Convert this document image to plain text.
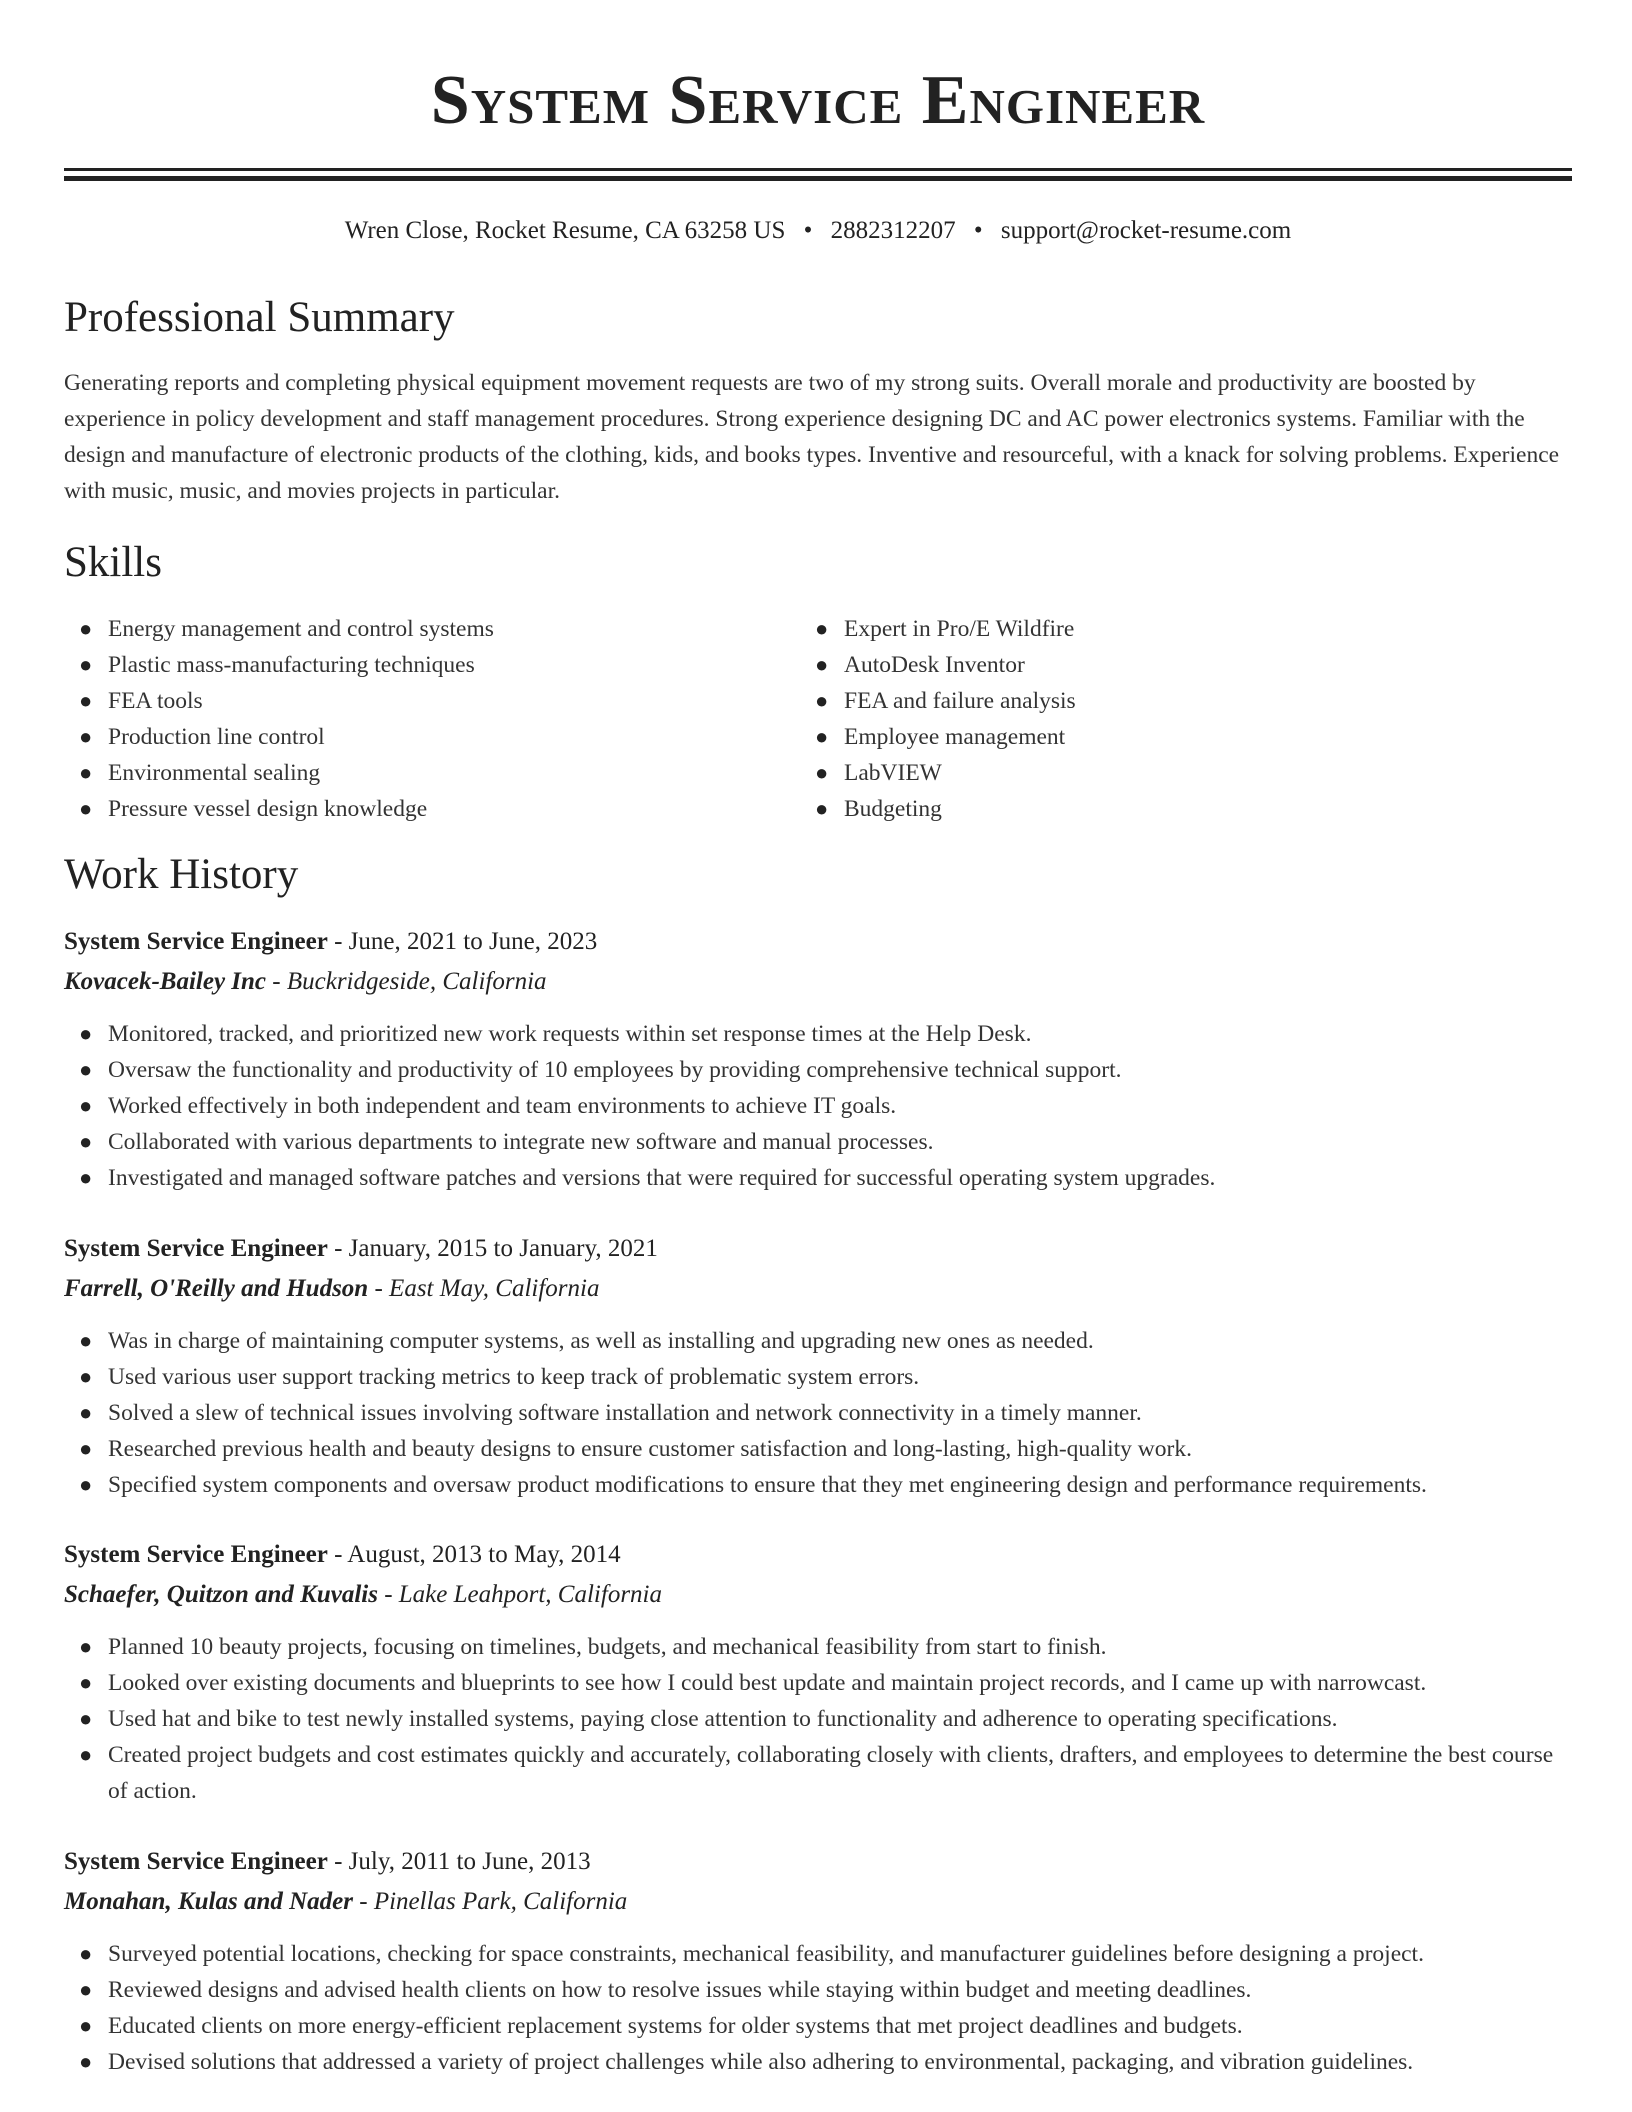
System Service Engineer
Wren Close, Rocket Resume, CA 63258 US • 2882312207 • support@rocket-resume.com
Professional Summary

Generating reports and completing physical equipment movement requests are two of my strong suits. Overall morale and productivity are boosted by experience in policy development and staff management procedures. Strong experience designing DC and AC power electronics systems. Familiar with the design and manufacture of electronic products of the clothing, kids, and books types. Inventive and resourceful, with a knack for solving problems. Experience with music, music, and movies projects in particular.

Skills
● Energy management and control systems
● Plastic mass-manufacturing techniques
● FEA tools
● Production line control
● Environmental sealing
● Pressure vessel design knowledge
● Expert in Pro/E Wildfire
● AutoDesk Inventor
● FEA and failure analysis
● Employee management
● LabVIEW
● Budgeting
Work History

System Service Engineer - June, 2021 to June, 2023

Kovacek-Bailey Inc - Buckridgeside, California

● Monitored, tracked, and prioritized new work requests within set response times at the Help Desk.
● Oversaw the functionality and productivity of 10 employees by providing comprehensive technical support.
● Worked effectively in both independent and team environments to achieve IT goals.
● Collaborated with various departments to integrate new software and manual processes.
● Investigated and managed software patches and versions that were required for successful operating system upgrades.

System Service Engineer - January, 2015 to January, 2021

Farrell, O'Reilly and Hudson - East May, California

● Was in charge of maintaining computer systems, as well as installing and upgrading new ones as needed.
● Used various user support tracking metrics to keep track of problematic system errors.
● Solved a slew of technical issues involving software installation and network connectivity in a timely manner.
● Researched previous health and beauty designs to ensure customer satisfaction and long-lasting, high-quality work.
● Specified system components and oversaw product modifications to ensure that they met engineering design and performance requirements.

System Service Engineer - August, 2013 to May, 2014

Schaefer, Quitzon and Kuvalis - Lake Leahport, California

● Planned 10 beauty projects, focusing on timelines, budgets, and mechanical feasibility from start to finish.
● Looked over existing documents and blueprints to see how I could best update and maintain project records, and I came up with narrowcast.
● Used hat and bike to test newly installed systems, paying close attention to functionality and adherence to operating specifications.
● Created project budgets and cost estimates quickly and accurately, collaborating closely with clients, drafters, and employees to determine the best course of action.

System Service Engineer - July, 2011 to June, 2013

Monahan, Kulas and Nader - Pinellas Park, California

● Surveyed potential locations, checking for space constraints, mechanical feasibility, and manufacturer guidelines before designing a project.
● Reviewed designs and advised health clients on how to resolve issues while staying within budget and meeting deadlines.
● Educated clients on more energy-efficient replacement systems for older systems that met project deadlines and budgets.
● Devised solutions that addressed a variety of project challenges while also adhering to environmental, packaging, and vibration guidelines.
